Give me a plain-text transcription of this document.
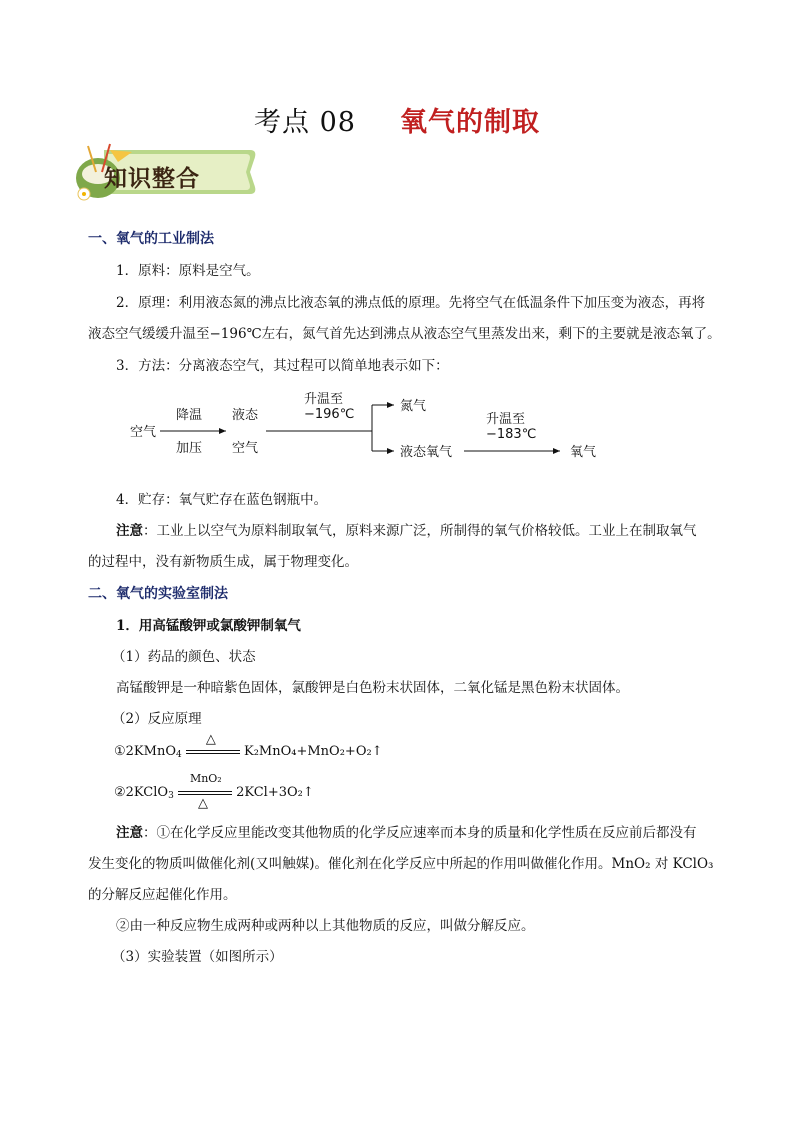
考点 08 氧气的制取
知识整合
一、氧气的工业制法
1．原料：原料是空气。
2．原理：利用液态氮的沸点比液态氧的沸点低的原理。先将空气在低温条件下加压变为液态，再将
液态空气缓缓升温至−196℃左右，氮气首先达到沸点从液态空气里蒸发出来，剩下的主要就是液态氧了。
3．方法：分离液态空气，其过程可以简单地表示如下：
空气
降温
加压
液态
空气
升温至
−196℃
氮气
液态氧气
升温至
−183℃
氧气
4．贮存：氧气贮存在蓝色钢瓶中。
注意：工业上以空气为原料制取氧气，原料来源广泛，所制得的氧气价格较低。工业上在制取氧气
的过程中，没有新物质生成，属于物理变化。
二、氧气的实验室制法
1．用高锰酸钾或氯酸钾制氧气
（1）药品的颜色、状态
高锰酸钾是一种暗紫色固体，氯酸钾是白色粉末状固体，二氧化锰是黑色粉末状固体。
（2）反应原理
①2KMnO$_4$
△
K₂MnO₄+MnO₂+O₂↑
②2KClO$_3$
MnO₂
△
2KCl+3O₂↑
注意：①在化学反应里能改变其他物质的化学反应速率而本身的质量和化学性质在反应前后都没有
发生变化的物质叫做催化剂(又叫触媒)。催化剂在化学反应中所起的作用叫做催化作用。MnO₂ 对 KClO₃
的分解反应起催化作用。
②由一种反应物生成两种或两种以上其他物质的反应，叫做分解反应。
（3）实验装置（如图所示）
